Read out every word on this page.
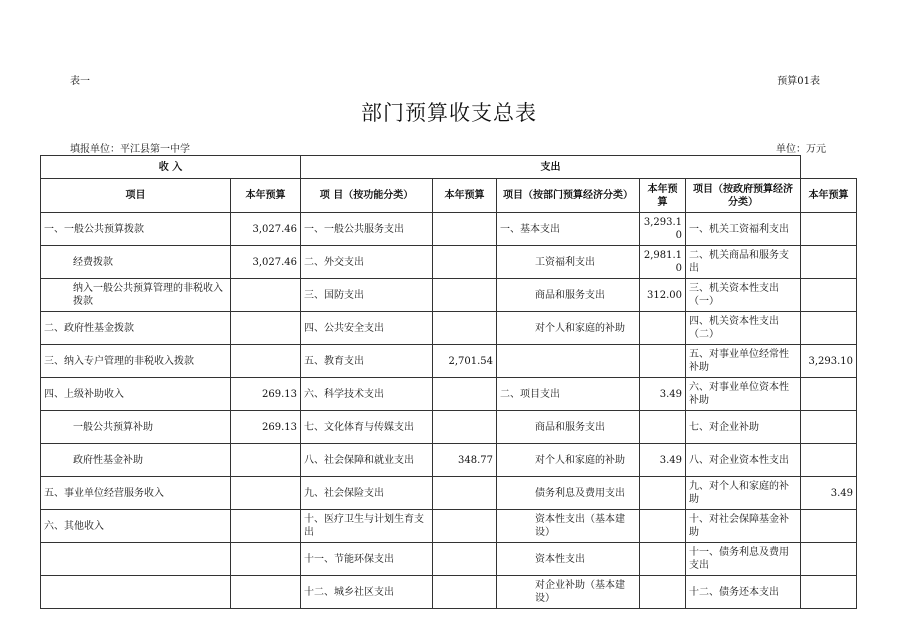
表一	预算01表
部门预算收支总表
填报单位：平江县第一中学	单位：万元
收 入		支出					
项目	本年预算	项 目（按功能分类）	本年预算	项目（按部门预算经济分类）	本年预算	项目（按政府预算经济分类）	本年预算
一、一般公共预算拨款	3,027.46	一、一般公共服务支出		一、基本支出	3,293.10	一、机关工资福利支出	
经费拨款	3,027.46	二、外交支出		工资福利支出	2,981.10	二、机关商品和服务支出	
纳入一般公共预算管理的非税收入拨款		三、国防支出		商品和服务支出	312.00	三、机关资本性支出（一）	
二、政府性基金拨款		四、公共安全支出		对个人和家庭的补助		四、机关资本性支出（二）	
三、纳入专户管理的非税收入拨款		五、教育支出	2,701.54			五、对事业单位经常性补助	3,293.10
四、上级补助收入	269.13	六、科学技术支出		二、项目支出	3.49	六、对事业单位资本性补助	
一般公共预算补助	269.13	七、文化体育与传媒支出		商品和服务支出		七、对企业补助	
政府性基金补助		八、社会保障和就业支出	348.77	对个人和家庭的补助	3.49	八、对企业资本性支出	
五、事业单位经营服务收入		九、社会保险支出		债务利息及费用支出		九、对个人和家庭的补助	3.49
六、其他收入		十、医疗卫生与计划生育支出		资本性支出（基本建设）		十、对社会保障基金补助	
		十一、节能环保支出		资本性支出		十一、债务利息及费用支出	
		十二、城乡社区支出		对企业补助（基本建设）		十二、债务还本支出	
